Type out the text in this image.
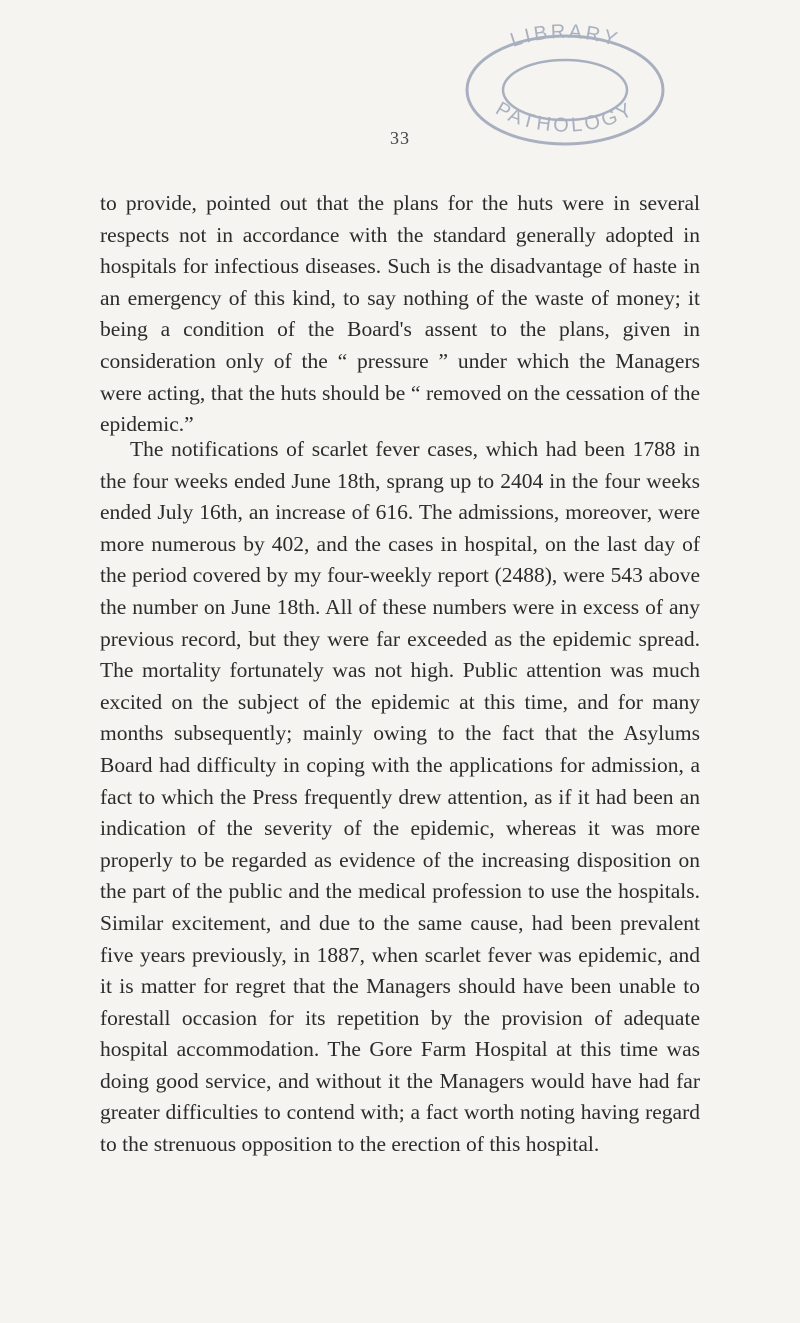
LIBRARY
PATHOLOGY
33
to provide, pointed out that the plans for the huts were in several respects not in accordance with the standard generally adopted in hospitals for infectious diseases. Such is the disadvantage of haste in an emergency of this kind, to say nothing of the waste of money; it being a condition of the Board's assent to the plans, given in consideration only of the “ pressure ” under which the Managers were acting, that the huts should be “ removed on the cessation of the epidemic.”
The notifications of scarlet fever cases, which had been 1788 in the four weeks ended June 18th, sprang up to 2404 in the four weeks ended July 16th, an increase of 616. The admissions, moreover, were more numerous by 402, and the cases in hospital, on the last day of the period covered by my four-weekly report (2488), were 543 above the number on June 18th. All of these numbers were in excess of any previous record, but they were far exceeded as the epidemic spread. The mortality fortunately was not high. Public attention was much excited on the subject of the epidemic at this time, and for many months subsequently; mainly owing to the fact that the Asylums Board had difficulty in coping with the applications for admission, a fact to which the Press frequently drew attention, as if it had been an indication of the severity of the epidemic, whereas it was more properly to be regarded as evidence of the increasing disposition on the part of the public and the medical profession to use the hospitals. Similar excitement, and due to the same cause, had been prevalent five years previously, in 1887, when scarlet fever was epidemic, and it is matter for regret that the Managers should have been unable to forestall occasion for its repetition by the provision of adequate hospital accommodation. The Gore Farm Hospital at this time was doing good service, and without it the Managers would have had far greater difficulties to contend with; a fact worth noting having regard to the strenuous opposition to the erection of this hospital.
